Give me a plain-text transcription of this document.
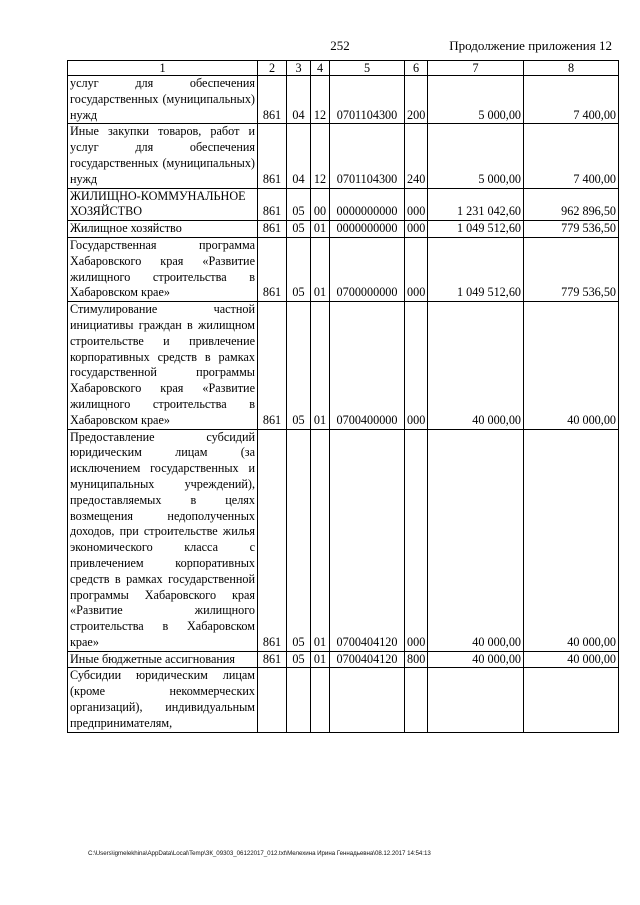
252	Продолжение приложения 12
1	2	3	4	5	6	7	8
услуг для обеспечения государственных (муниципальных) нужд	861	04	12	0701104300	200	5 000,00	7 400,00
Иные закупки товаров, работ и услуг для обеспечения государственных (муниципальных) нужд	861	04	12	0701104300	240	5 000,00	7 400,00
ЖИЛИЩНО-КОММУНАЛЬНОЕ ХОЗЯЙСТВО	861	05	00	0000000000	000	1 231 042,60	962 896,50
Жилищное хозяйство	861	05	01	0000000000	000	1 049 512,60	779 536,50
Государственная программа Хабаровского края «Развитие жилищного строительства в Хабаровском крае»	861	05	01	0700000000	000	1 049 512,60	779 536,50
Стимулирование частной инициативы граждан в жилищном строительстве и привлечение корпоративных средств в рамках государственной программы Хабаровского края «Развитие жилищного строительства в Хабаровском крае»	861	05	01	0700400000	000	40 000,00	40 000,00
Предоставление субсидий юридическим лицам (за исключением государственных и муниципальных учреждений), предоставляемых в целях возмещения недополученных доходов, при строительстве жилья экономического класса с привлечением корпоративных средств в рамках государственной программы Хабаровского края «Развитие жилищного строительства в Хабаровском крае»	861	05	01	0700404120	000	40 000,00	40 000,00
Иные бюджетные ассигнования	861	05	01	0700404120	800	40 000,00	40 000,00
Субсидии юридическим лицам (кроме некоммерческих организаций), индивидуальным предпринимателям,							
C:\Users\igmelekhina\AppData\Local\Temp\ЗК_09303_06122017_012.txt\Мелехина Ирина Геннадьевна\08.12.2017 14:54:13
